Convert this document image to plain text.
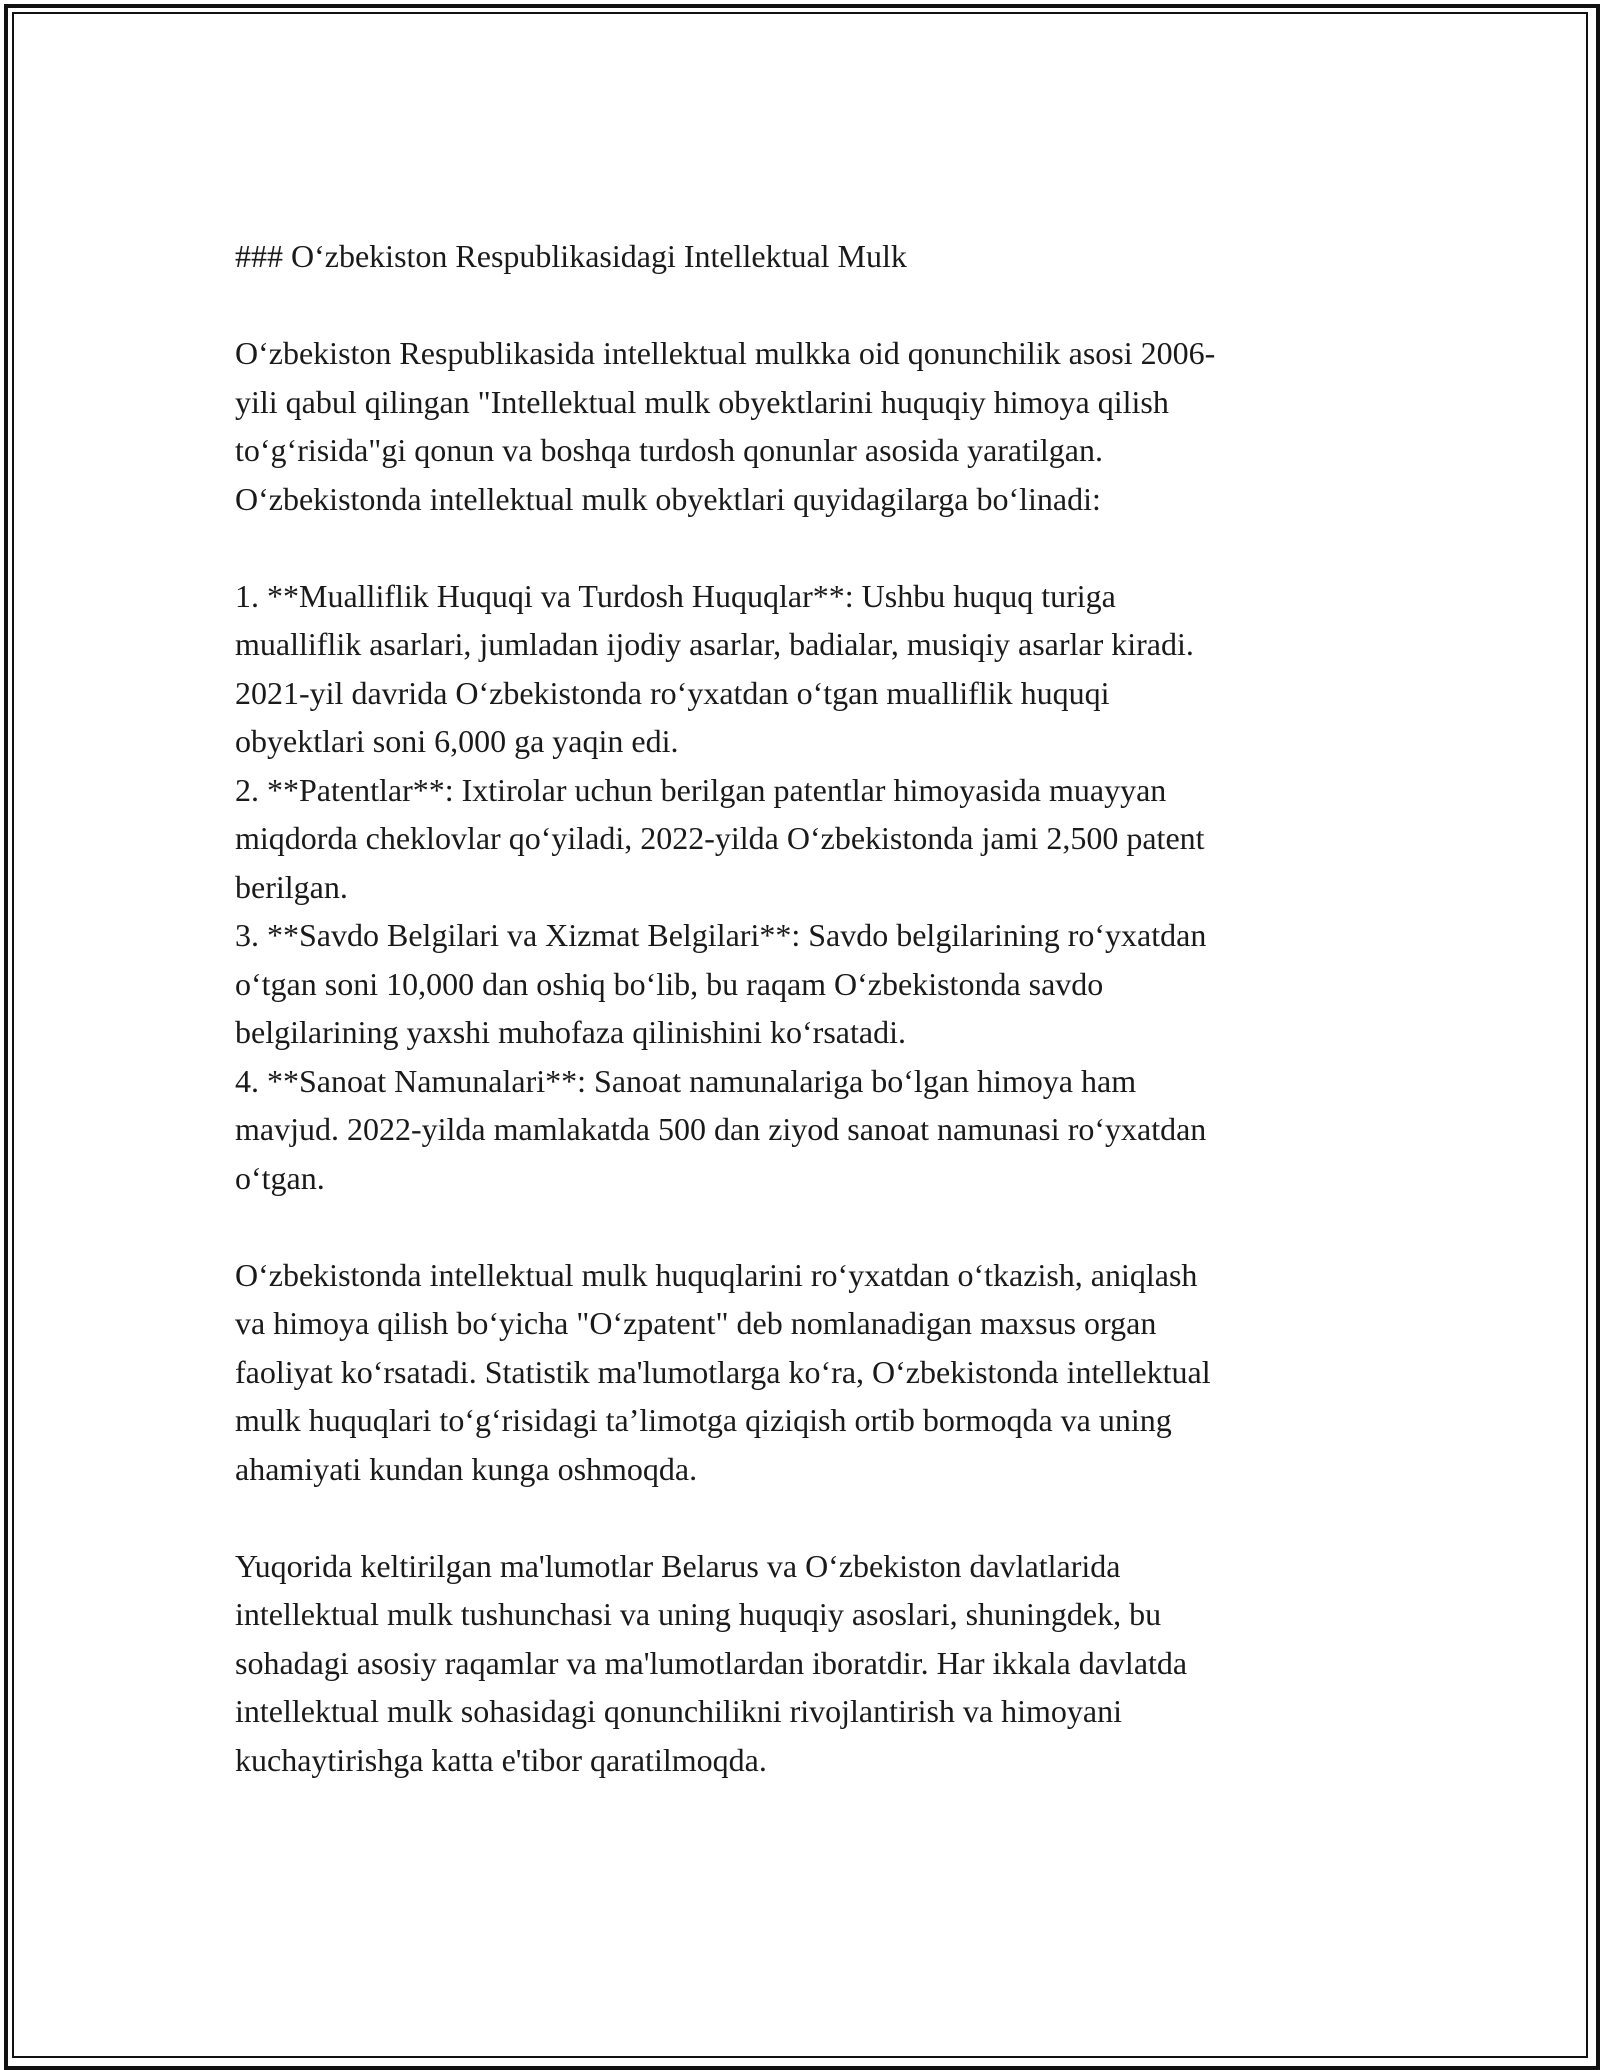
### O‘zbekiston Respublikasidagi Intellektual Mulk

O‘zbekiston Respublikasida intellektual mulkka oid qonunchilik asosi 2006-

yili qabul qilingan "Intellektual mulk obyektlarini huquqiy himoya qilish

to‘g‘risida"gi qonun va boshqa turdosh qonunlar asosida yaratilgan.

O‘zbekistonda intellektual mulk obyektlari quyidagilarga bo‘linadi:

1. **Mualliflik Huquqi va Turdosh Huquqlar**: Ushbu huquq turiga

mualliflik asarlari, jumladan ijodiy asarlar, badialar, musiqiy asarlar kiradi.

2021-yil davrida O‘zbekistonda ro‘yxatdan o‘tgan mualliflik huquqi

obyektlari soni 6,000 ga yaqin edi.

2. **Patentlar**: Ixtirolar uchun berilgan patentlar himoyasida muayyan

miqdorda cheklovlar qo‘yiladi, 2022-yilda O‘zbekistonda jami 2,500 patent

berilgan.

3. **Savdo Belgilari va Xizmat Belgilari**: Savdo belgilarining ro‘yxatdan

o‘tgan soni 10,000 dan oshiq bo‘lib, bu raqam O‘zbekistonda savdo

belgilarining yaxshi muhofaza qilinishini ko‘rsatadi.

4. **Sanoat Namunalari**: Sanoat namunalariga bo‘lgan himoya ham

mavjud. 2022-yilda mamlakatda 500 dan ziyod sanoat namunasi ro‘yxatdan

o‘tgan.

O‘zbekistonda intellektual mulk huquqlarini ro‘yxatdan o‘tkazish, aniqlash

va himoya qilish bo‘yicha "O‘zpatent" deb nomlanadigan maxsus organ

faoliyat ko‘rsatadi. Statistik ma'lumotlarga ko‘ra, O‘zbekistonda intellektual

mulk huquqlari to‘g‘risidagi ta’limotga qiziqish ortib bormoqda va uning

ahamiyati kundan kunga oshmoqda.

Yuqorida keltirilgan ma'lumotlar Belarus va O‘zbekiston davlatlarida

intellektual mulk tushunchasi va uning huquqiy asoslari, shuningdek, bu

sohadagi asosiy raqamlar va ma'lumotlardan iboratdir. Har ikkala davlatda

intellektual mulk sohasidagi qonunchilikni rivojlantirish va himoyani

kuchaytirishga katta e'tibor qaratilmoqda.
